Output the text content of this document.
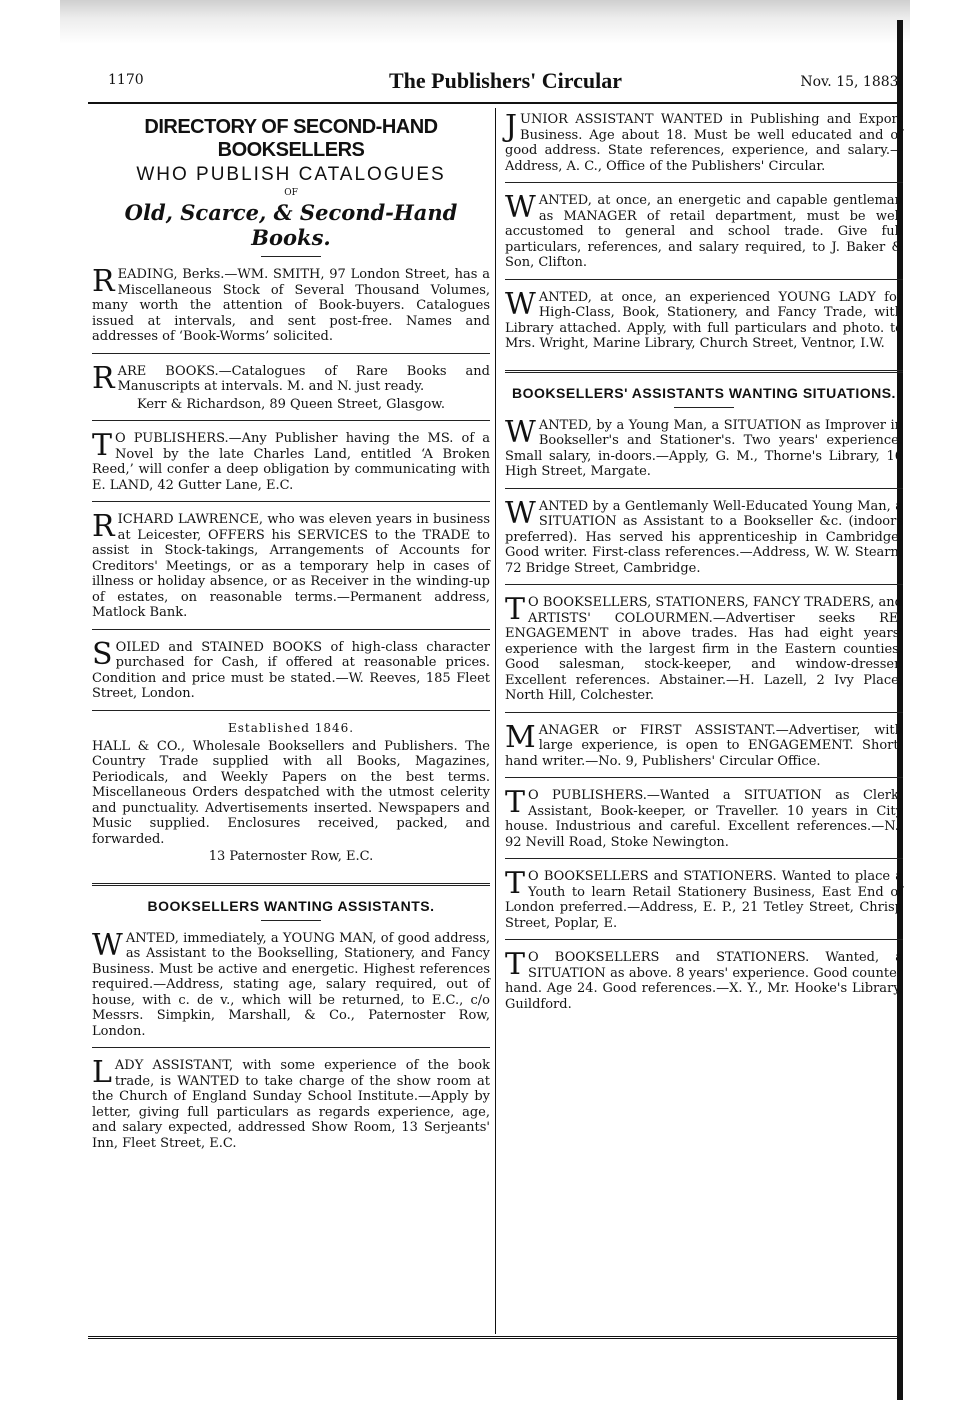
1170	The Publishers' Circular	Nov. 15, 1883.
DIRECTORY OF SECOND-HAND BOOKSELLERS
WHO PUBLISH CATALOGUES
OF
Old, Scarce, & Second-Hand Books.

READING, Berks.—WM. SMITH, 97 London Street, has a Miscellaneous Stock of Several Thousand Volumes, many worth the attention of Book-buyers. Catalogues issued at intervals, and sent post-free. Names and addresses of ‘Book-Worms’ solicited.

RARE BOOKS.—Catalogues of Rare Books and Manuscripts at intervals. M. and N. just ready.

Kerr & Richardson, 89 Queen Street, Glasgow.

TO PUBLISHERS.—Any Publisher having the MS. of a Novel by the late Charles Land, entitled ‘A Broken Reed,’ will confer a deep obligation by communicating with E. LAND, 42 Gutter Lane, E.C.

RICHARD LAWRENCE, who was eleven years in business at Leicester, OFFERS his SERVICES to the TRADE to assist in Stock-takings, Arrangements of Accounts for Creditors' Meetings, or as a temporary help in cases of illness or holiday absence, or as Receiver in the winding-up of estates, on reasonable terms.—Permanent address, Matlock Bank.

SOILED and STAINED BOOKS of high-class character purchased for Cash, if offered at reasonable prices. Condition and price must be stated.—W. Reeves, 185 Fleet Street, London.

Established 1846.

HALL & CO., Wholesale Booksellers and Publishers. The Country Trade supplied with all Books, Magazines, Periodicals, and Weekly Papers on the best terms. Miscellaneous Orders despatched with the utmost celerity and punctuality. Advertisements inserted. Newspapers and Music supplied. Enclosures received, packed, and forwarded.

13 Paternoster Row, E.C.
BOOKSELLERS WANTING ASSISTANTS.

WANTED, immediately, a YOUNG MAN, of good address, as Assistant to the Bookselling, Stationery, and Fancy Business. Must be active and energetic. Highest references required.—Address, stating age, salary required, out of house, with c. de v., which will be returned, to E.C., c/o Messrs. Simpkin, Marshall, & Co., Paternoster Row, London.

LADY ASSISTANT, with some experience of the book trade, is WANTED to take charge of the show room at the Church of England Sunday School Institute.—Apply by letter, giving full particulars as regards experience, age, and salary expected, addressed Show Room, 13 Serjeants' Inn, Fleet Street, E.C.

JUNIOR ASSISTANT WANTED in Publishing and Export Business. Age about 18. Must be well educated and of good address. State references, experience, and salary.—Address, A. C., Office of the Publishers' Circular.

WANTED, at once, an energetic and capable gentleman as MANAGER of retail department, must be well accustomed to general and school trade. Give full particulars, references, and salary required, to J. Baker & Son, Clifton.

WANTED, at once, an experienced YOUNG LADY for High-Class, Book, Stationery, and Fancy Trade, with Library attached. Apply, with full particulars and photo. to Mrs. Wright, Marine Library, Church Street, Ventnor, I.W.

BOOKSELLERS' ASSISTANTS WANTING SITUATIONS.

WANTED, by a Young Man, a SITUATION as Improver in Bookseller's and Stationer's. Two years' experience. Small salary, in-doors.—Apply, G. M., Thorne's Library, 16 High Street, Margate.

WANTED by a Gentlemanly Well-Educated Young Man, a SITUATION as Assistant to a Bookseller &c. (indoors preferred). Has served his apprenticeship in Cambridge. Good writer. First-class references.—Address, W. W. Stearn, 72 Bridge Street, Cambridge.

TO BOOKSELLERS, STATIONERS, FANCY TRADERS, and ARTISTS' COLOURMEN.—Advertiser seeks RE-ENGAGEMENT in above trades. Has had eight years' experience with the largest firm in the Eastern counties. Good salesman, stock-keeper, and window-dresser. Excellent references. Abstainer.—H. Lazell, 2 Ivy Place, North Hill, Colchester.

MANAGER or FIRST ASSISTANT.—Advertiser, with large experience, is open to ENGAGEMENT. Short-hand writer.—No. 9, Publishers' Circular Office.

TO PUBLISHERS.—Wanted a SITUATION as Clerk, Assistant, Book-keeper, or Traveller. 10 years in City house. Industrious and careful. Excellent references.—N., 92 Nevill Road, Stoke Newington.

TO BOOKSELLERS and STATIONERS. Wanted to place a Youth to learn Retail Stationery Business, East End of London preferred.—Address, E. P., 21 Tetley Street, Chrisp Street, Poplar, E.

TO BOOKSELLERS and STATIONERS. Wanted, a SITUATION as above. 8 years' experience. Good counter hand. Age 24. Good references.—X. Y., Mr. Hooke's Library, Guildford.
